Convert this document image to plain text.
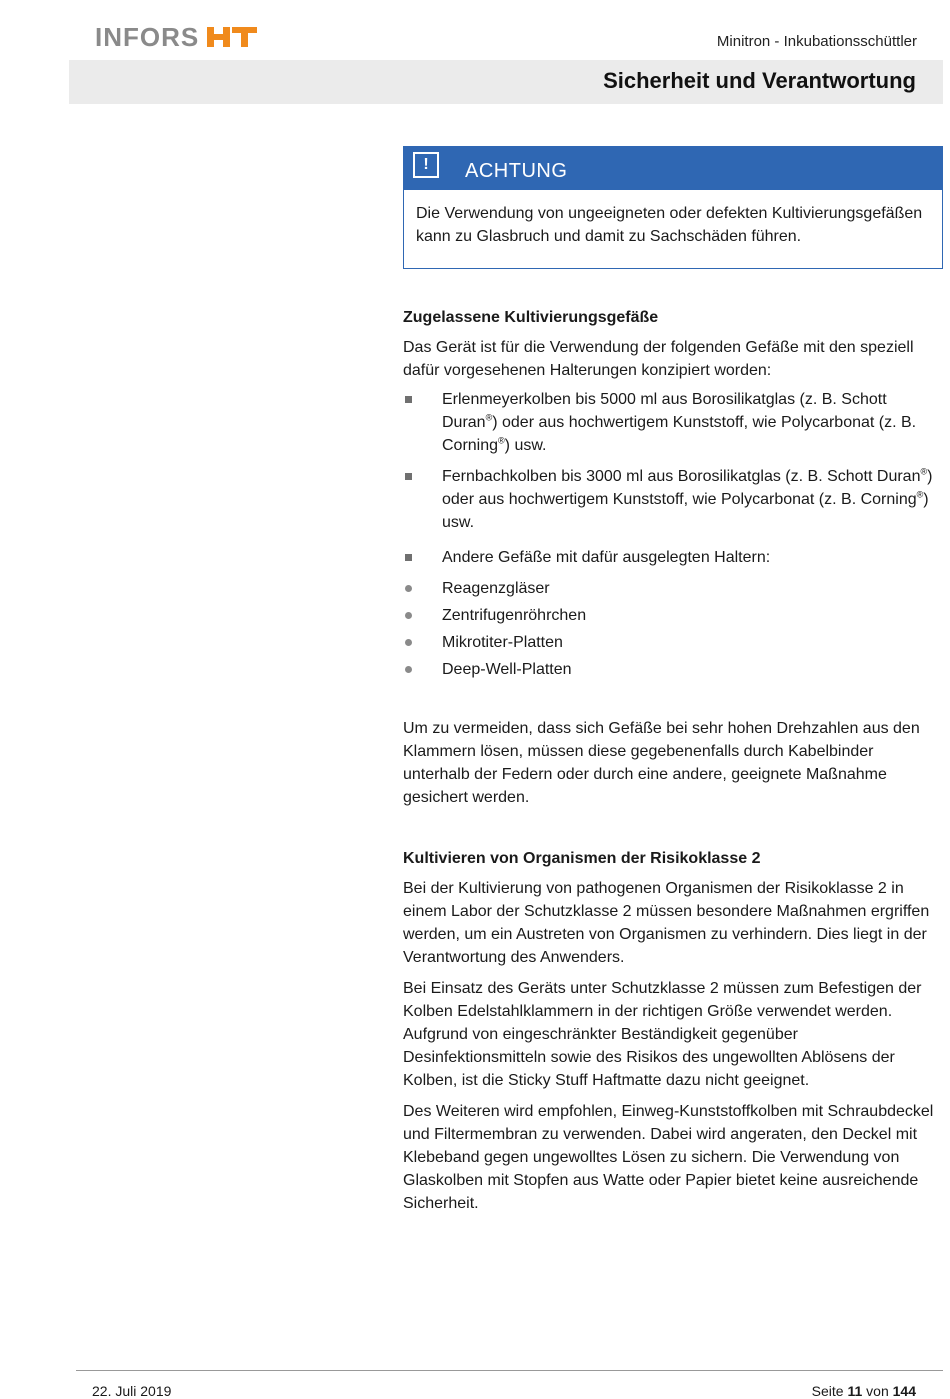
INFORS	Minitron - Inkubationsschüttler
Sicherheit und Verantwortung
!	ACHTUNG
Die Verwendung von ungeeigneten oder defekten Kultivierungsgefäßen kann zu Glasbruch und damit zu Sachschäden führen.
Zugelassene Kultivierungsgefäße

Das Gerät ist für die Verwendung der folgenden Gefäße mit den speziell dafür vorgesehenen Halterungen konzipiert worden:

Erlenmeyerkolben bis 5000 ml aus Borosilikatglas (z. B. Schott Duran®) oder aus hochwertigem Kunststoff, wie Polycarbonat (z. B. Corning®) usw.
Fernbachkolben bis 3000 ml aus Borosilikatglas (z. B. Schott Duran®) oder aus hochwertigem Kunststoff, wie Polycarbonat (z. B. Corning®) usw.
Andere Gefäße mit dafür ausgelegten Haltern:
Reagenzgläser
Zentrifugenröhrchen
Mikrotiter-Platten
Deep-Well-Platten

Um zu vermeiden, dass sich Gefäße bei sehr hohen Drehzahlen aus den Klammern lösen, müssen diese gegebenenfalls durch Kabelbinder unterhalb der Federn oder durch eine andere, geeignete Maßnahme gesichert werden.

Kultivieren von Organismen der Risikoklasse 2

Bei der Kultivierung von pathogenen Organismen der Risikoklasse 2 in einem Labor der Schutzklasse 2 müssen besondere Maßnahmen ergriffen werden, um ein Austreten von Organismen zu verhindern. Dies liegt in der Verantwortung des Anwenders.

Bei Einsatz des Geräts unter Schutzklasse 2 müssen zum Befestigen der Kolben Edelstahlklammern in der richtigen Größe verwendet werden. Aufgrund von eingeschränkter Beständigkeit gegenüber Desinfektionsmitteln sowie des Risikos des ungewollten Ablösens der Kolben, ist die Sticky Stuff Haftmatte dazu nicht geeignet.

Des Weiteren wird empfohlen, Einweg-Kunststoffkolben mit Schraubdeckel und Filtermembran zu verwenden. Dabei wird angeraten, den Deckel mit Klebeband gegen ungewolltes Lösen zu sichern. Die Verwendung von Glaskolben mit Stopfen aus Watte oder Papier bietet keine ausreichende Sicherheit.

22. Juli 2019	Seite 11 von 144
